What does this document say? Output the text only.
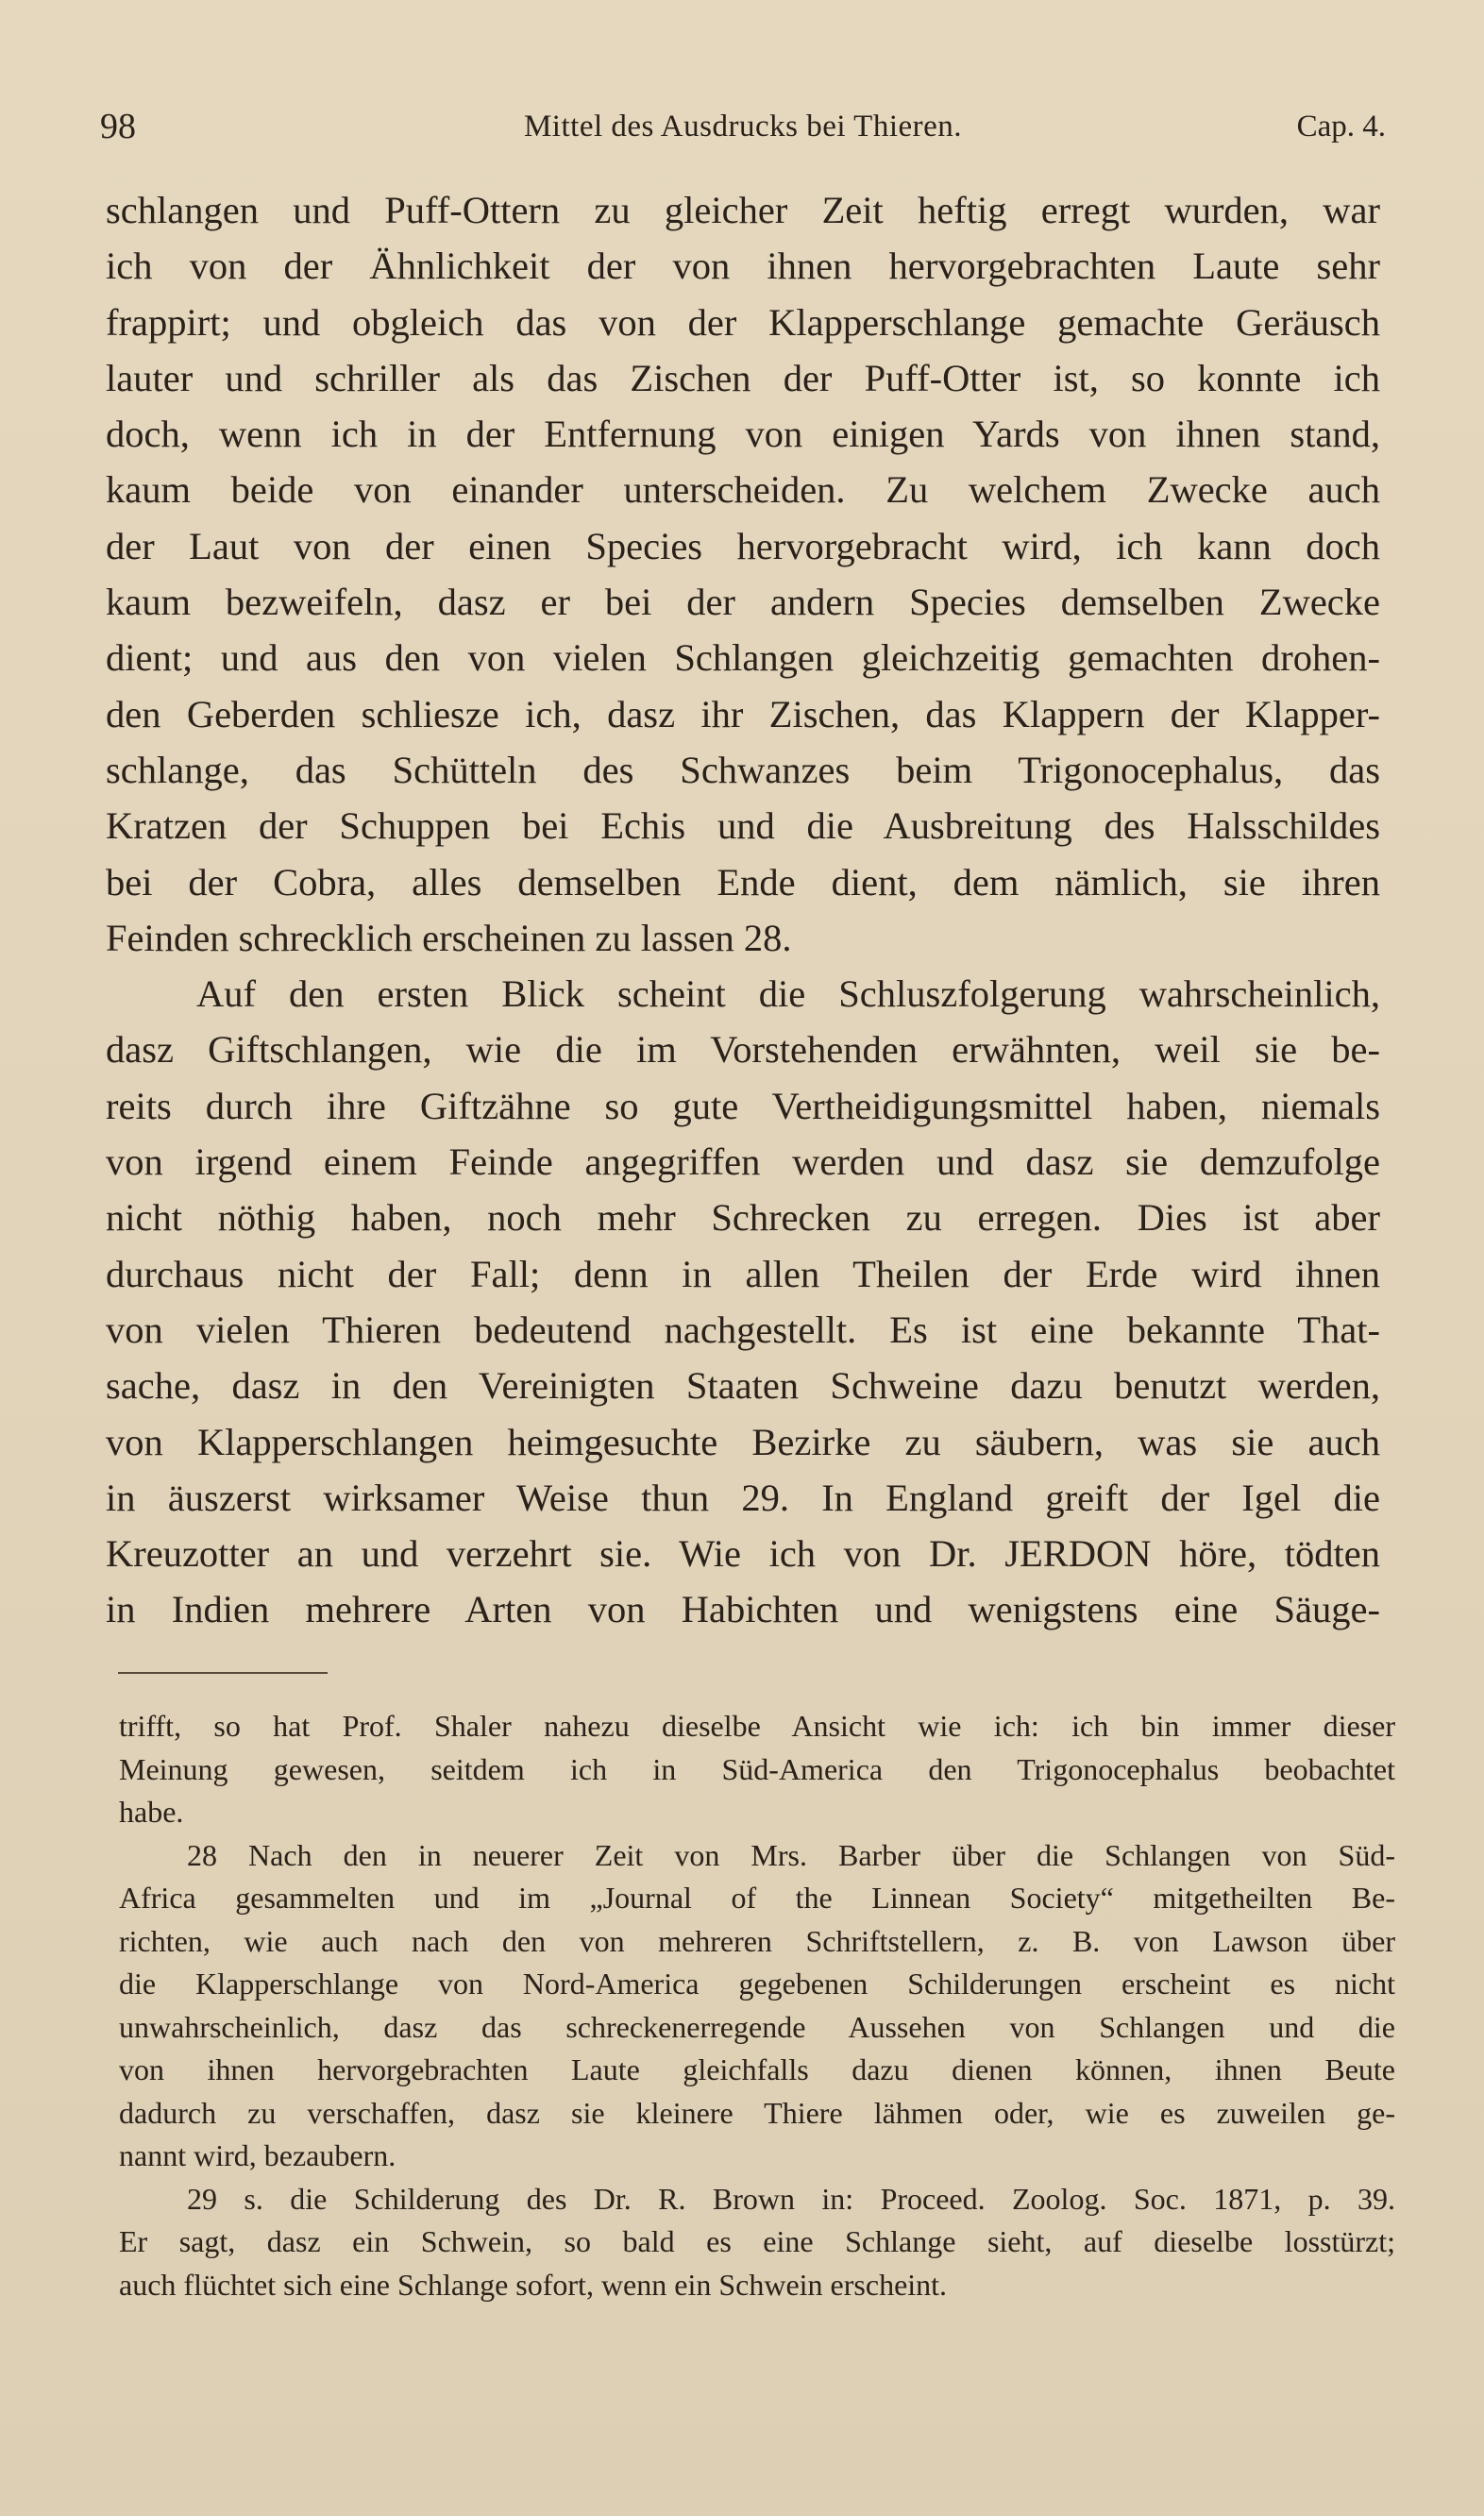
98	Mittel des Ausdrucks bei Thieren.	Cap. 4.
schlangen und Puff-Ottern zu gleicher Zeit heftig erregt wurden, war
ich von der Ähnlichkeit der von ihnen hervorgebrachten Laute sehr
frappirt; und obgleich das von der Klapperschlange gemachte Geräusch
lauter und schriller als das Zischen der Puff-Otter ist, so konnte ich
doch, wenn ich in der Entfernung von einigen Yards von ihnen stand,
kaum beide von einander unterscheiden. Zu welchem Zwecke auch
der Laut von der einen Species hervorgebracht wird, ich kann doch
kaum bezweifeln, dasz er bei der andern Species demselben Zwecke
dient; und aus den von vielen Schlangen gleichzeitig gemachten drohen-
den Geberden schliesze ich, dasz ihr Zischen, das Klappern der Klapper-
schlange, das Schütteln des Schwanzes beim Trigonocephalus, das
Kratzen der Schuppen bei Echis und die Ausbreitung des Halsschildes
bei der Cobra, alles demselben Ende dient, dem nämlich, sie ihren
Feinden schrecklich erscheinen zu lassen 28.
Auf den ersten Blick scheint die Schluszfolgerung wahrscheinlich,
dasz Giftschlangen, wie die im Vorstehenden erwähnten, weil sie be-
reits durch ihre Giftzähne so gute Vertheidigungsmittel haben, niemals
von irgend einem Feinde angegriffen werden und dasz sie demzufolge
nicht nöthig haben, noch mehr Schrecken zu erregen. Dies ist aber
durchaus nicht der Fall; denn in allen Theilen der Erde wird ihnen
von vielen Thieren bedeutend nachgestellt. Es ist eine bekannte That-
sache, dasz in den Vereinigten Staaten Schweine dazu benutzt werden,
von Klapperschlangen heimgesuchte Bezirke zu säubern, was sie auch
in äuszerst wirksamer Weise thun 29. In England greift der Igel die
Kreuzotter an und verzehrt sie. Wie ich von Dr. JERDON höre, tödten
in Indien mehrere Arten von Habichten und wenigstens eine Säuge-
trifft, so hat Prof. Shaler nahezu dieselbe Ansicht wie ich: ich bin immer dieser
Meinung gewesen, seitdem ich in Süd-America den Trigonocephalus beobachtet
habe.
28 Nach den in neuerer Zeit von Mrs. Barber über die Schlangen von Süd-
Africa gesammelten und im „Journal of the Linnean Society“ mitgetheilten Be-
richten, wie auch nach den von mehreren Schriftstellern, z. B. von Lawson über
die Klapperschlange von Nord-America gegebenen Schilderungen erscheint es nicht
unwahrscheinlich, dasz das schreckenerregende Aussehen von Schlangen und die
von ihnen hervorgebrachten Laute gleichfalls dazu dienen können, ihnen Beute
dadurch zu verschaffen, dasz sie kleinere Thiere lähmen oder, wie es zuweilen ge-
nannt wird, bezaubern.
29 s. die Schilderung des Dr. R. Brown in: Proceed. Zoolog. Soc. 1871, p. 39.
Er sagt, dasz ein Schwein, so bald es eine Schlange sieht, auf dieselbe losstürzt;
auch flüchtet sich eine Schlange sofort, wenn ein Schwein erscheint.
